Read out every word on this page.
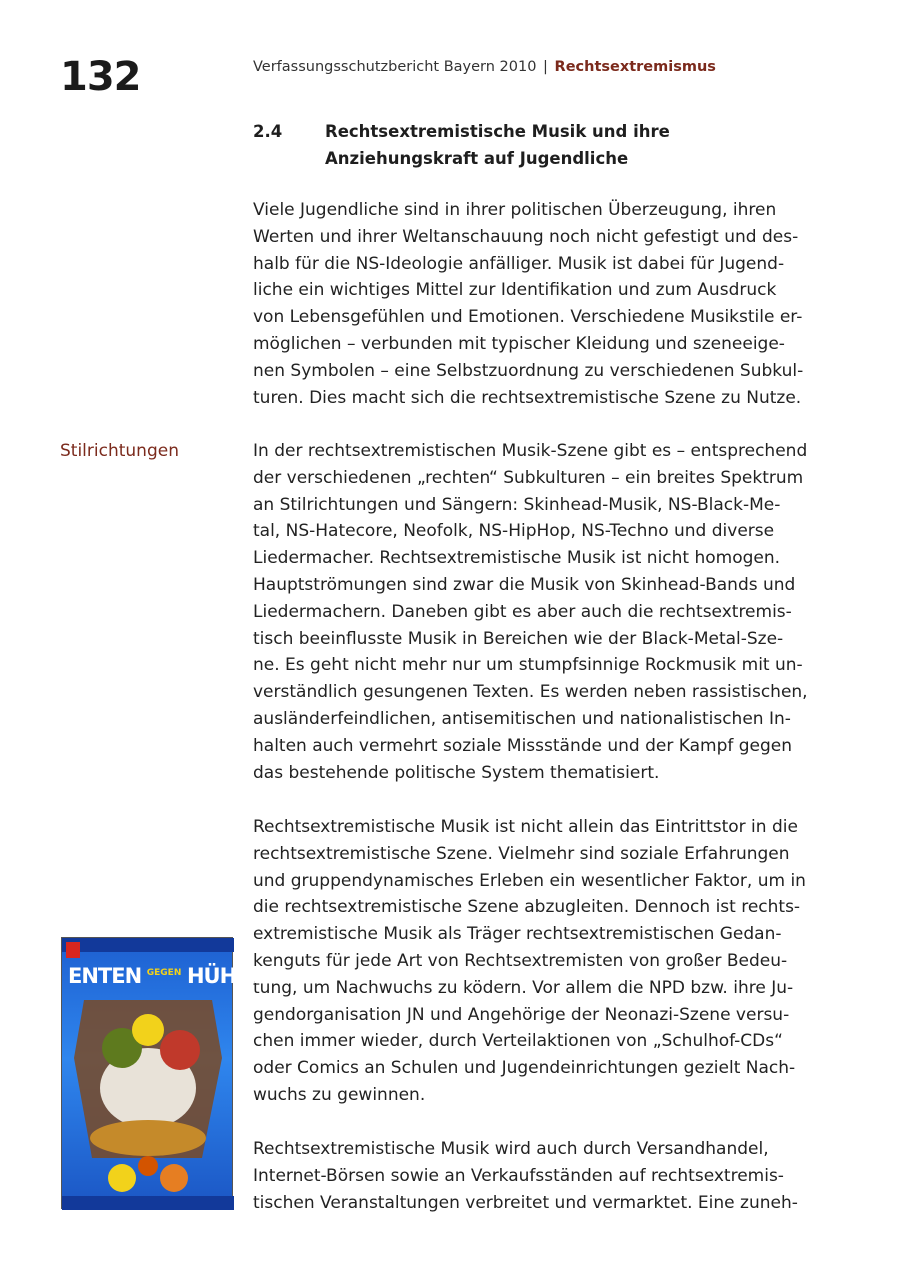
132	Verfassungsschutzbericht Bayern 2010 | Rechtsextremismus
2.4	Rechtsextremistische Musik und ihre
Anziehungskraft auf Jugendliche
Viele Jugendliche sind in ihrer politischen Überzeugung, ihren
Werten und ihrer Weltanschauung noch nicht gefestigt und des-
halb für die NS-Ideologie anfälliger. Musik ist dabei für Jugend-
liche ein wichtiges Mittel zur Identifikation und zum Ausdruck
von Lebensgefühlen und Emotionen. Verschiedene Musikstile er-
möglichen – verbunden mit typischer Kleidung und szeneeige-
nen Symbolen – eine Selbstzuordnung zu verschiedenen Subkul-
turen. Dies macht sich die rechtsextremistische Szene zu Nutze.
Stilrichtungen	In der rechtsextremistischen Musik-Szene gibt es – entsprechend
der verschiedenen „rechten“ Subkulturen – ein breites Spektrum
an Stilrichtungen und Sängern: Skinhead-Musik, NS-Black-Me-
tal, NS-Hatecore, Neofolk, NS-HipHop, NS-Techno und diverse
Liedermacher. Rechtsextremistische Musik ist nicht homogen.
Hauptströmungen sind zwar die Musik von Skinhead-Bands und
Liedermachern. Daneben gibt es aber auch die rechtsextremis-
tisch beeinflusste Musik in Bereichen wie der Black-Metal-Sze-
ne. Es geht nicht mehr nur um stumpfsinnige Rockmusik mit un-
verständlich gesungenen Texten. Es werden neben rassistischen,
ausländerfeindlichen, antisemitischen und nationalistischen In-
halten auch vermehrt soziale Missstände und der Kampf gegen
das bestehende politische System thematisiert.
Rechtsextremistische Musik ist nicht allein das Eintrittstor in die
rechtsextremistische Szene. Vielmehr sind soziale Erfahrungen
und gruppendynamisches Erleben ein wesentlicher Faktor, um in
die rechtsextremistische Szene abzugleiten. Dennoch ist rechts-
extremistische Musik als Träger rechtsextremistischen Gedan-
kenguts für jede Art von Rechtsextremisten von großer Bedeu-
tung, um Nachwuchs zu ködern. Vor allem die NPD bzw. ihre Ju-
gendorganisation JN und Angehörige der Neonazi-Szene versu-
chen immer wieder, durch Verteilaktionen von „Schulhof-CDs“
oder Comics an Schulen und Jugendeinrichtungen gezielt Nach-
wuchs zu gewinnen.
Rechtsextremistische Musik wird auch durch Versandhandel,
Internet-Börsen sowie an Verkaufsständen auf rechtsextremis-
tischen Veranstaltungen verbreitet und vermarktet. Eine zuneh-
ENTEN $^{GEGEN}$ HÜHNER
